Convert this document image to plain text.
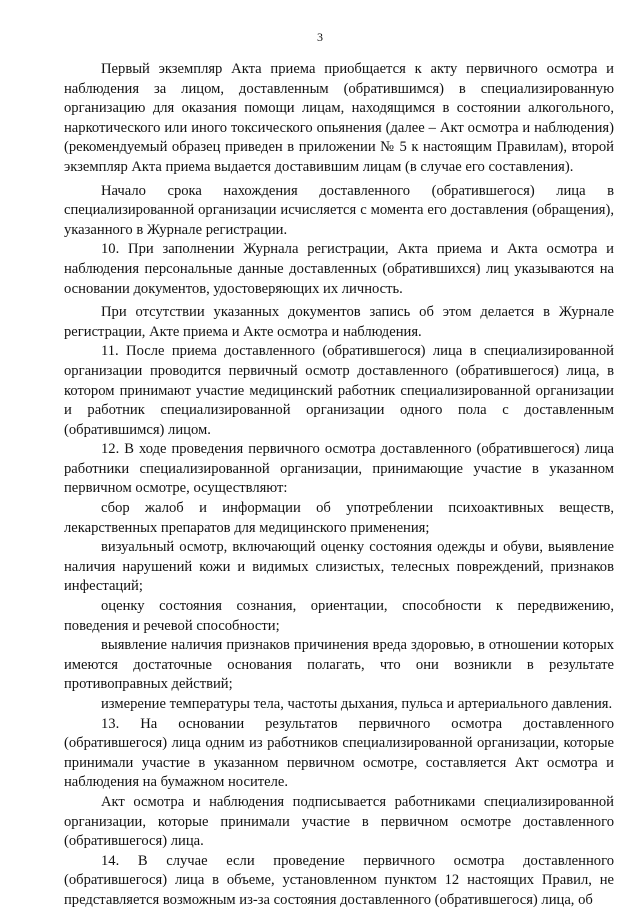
3

Первый экземпляр Акта приема приобщается к акту первичного осмотра и наблюдения за лицом, доставленным (обратившимся) в специализированную организацию для оказания помощи лицам, находящимся в состоянии алкогольного, наркотического или иного токсического опьянения (далее – Акт осмотра и наблюдения) (рекомендуемый образец приведен в приложении № 5 к настоящим Правилам), второй экземпляр Акта приема выдается доставившим лицам (в случае его составления).

Начало срока нахождения доставленного (обратившегося) лица в специализированной организации исчисляется с момента его доставления (обращения), указанного в Журнале регистрации.

10. При заполнении Журнала регистрации, Акта приема и Акта осмотра и наблюдения персональные данные доставленных (обратившихся) лиц указываются на основании документов, удостоверяющих их личность.

При отсутствии указанных документов запись об этом делается в Журнале регистрации, Акте приема и Акте осмотра и наблюдения.

11. После приема доставленного (обратившегося) лица в специализированной организации проводится первичный осмотр доставленного (обратившегося) лица, в котором принимают участие медицинский работник специализированной организации и работник специализированной организации одного пола с доставленным (обратившимся) лицом.

12. В ходе проведения первичного осмотра доставленного (обратившегося) лица работники специализированной организации, принимающие участие в указанном первичном осмотре, осуществляют:

сбор жалоб и информации об употреблении психоактивных веществ, лекарственных препаратов для медицинского применения;

визуальный осмотр, включающий оценку состояния одежды и обуви, выявление наличия нарушений кожи и видимых слизистых, телесных повреждений, признаков инфестаций;

оценку состояния сознания, ориентации, способности к передвижению, поведения и речевой способности;

выявление наличия признаков причинения вреда здоровью, в отношении которых имеются достаточные основания полагать, что они возникли в результате противоправных действий;

измерение температуры тела, частоты дыхания, пульса и артериального давления.

13. На основании результатов первичного осмотра доставленного (обратившегося) лица одним из работников специализированной организации, которые принимали участие в указанном первичном осмотре, составляется Акт осмотра и наблюдения на бумажном носителе.

Акт осмотра и наблюдения подписывается работниками специализированной организации, которые принимали участие в первичном осмотре доставленного (обратившегося) лица.

14. В случае если проведение первичного осмотра доставленного (обратившегося) лица в объеме, установленном пунктом 12 настоящих Правил, не представляется возможным из-за состояния доставленного (обратившегося) лица, об
